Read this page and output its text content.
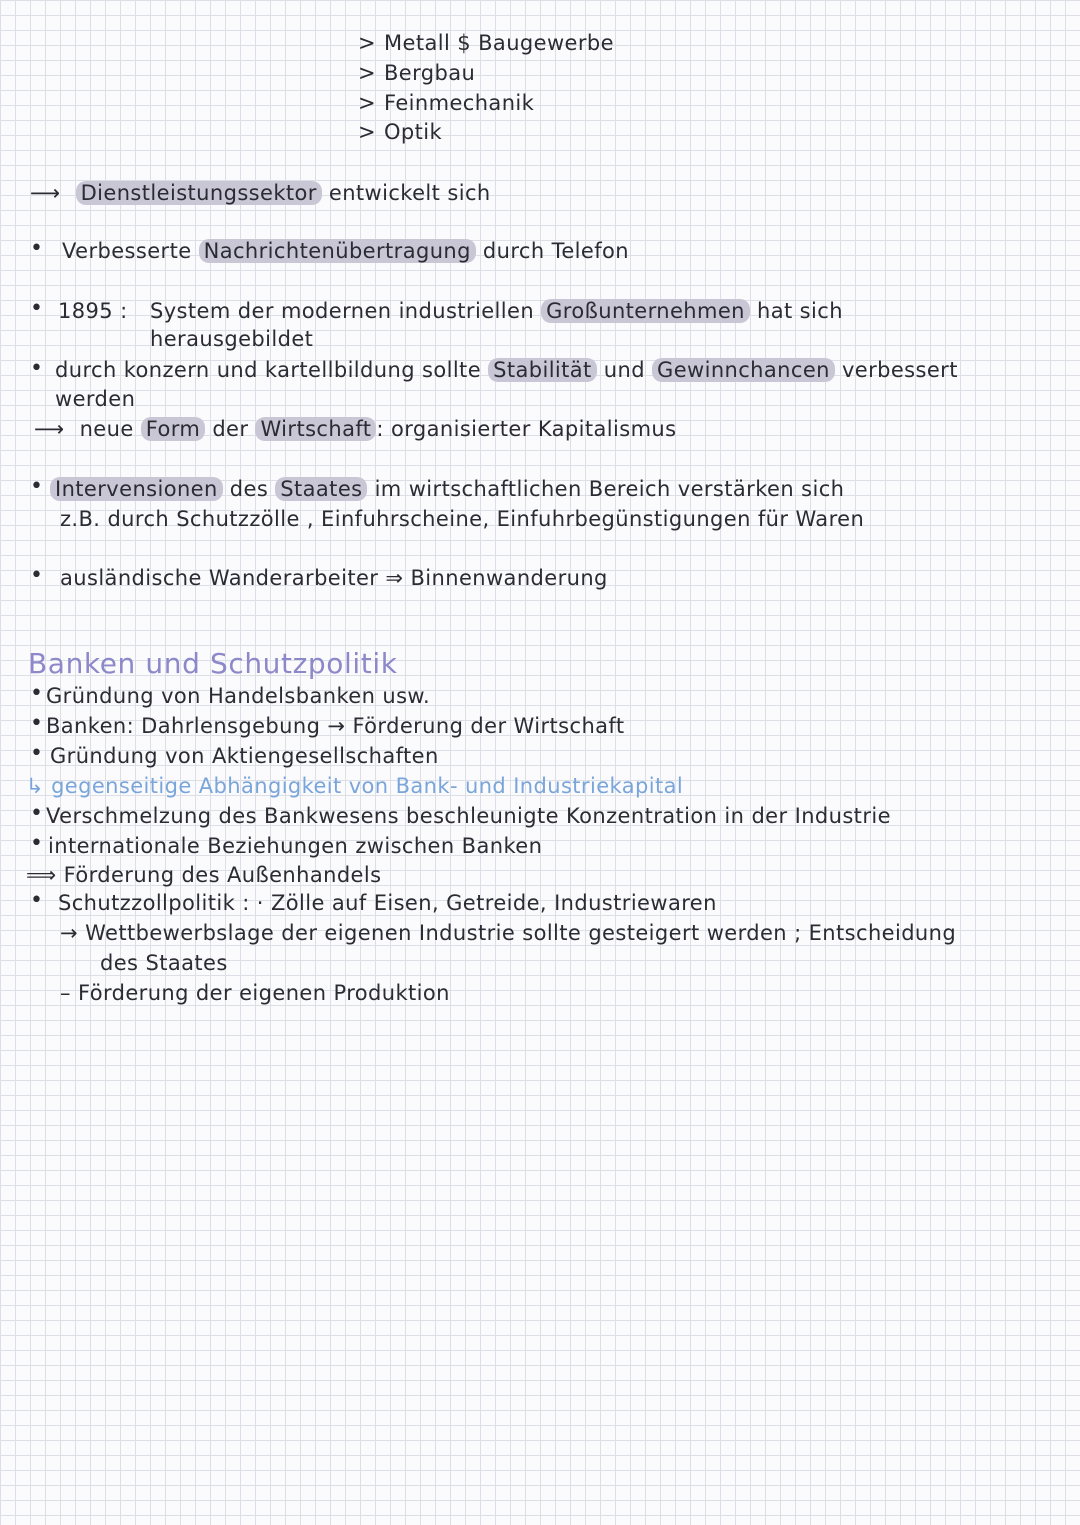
> Metall $ Baugewerbe
> Bergbau
> Feinmechanik
> Optik
⟶ Dienstleistungssektor entwickelt sich
• Verbesserte Nachrichtenübertragung durch Telefon
• 1895 : System der modernen industriellen Großunternehmen hat sich
herausgebildet
• durch konzern und kartellbildung sollte Stabilität und Gewinnchancen verbessert
werden
⟶ neue Form der Wirtschaft : organisierter Kapitalismus
• Intervensionen des Staates im wirtschaftlichen Bereich verstärken sich
z.B. durch Schutzzölle , Einfuhrscheine, Einfuhrbegünstigungen für Waren
• ausländische Wanderarbeiter ⇒ Binnenwanderung
Banken und Schutzpolitik
• Gründung von Handelsbanken usw.
• Banken: Dahrlensgebung → Förderung der Wirtschaft
• Gründung von Aktiengesellschaften
↳ gegenseitige Abhängigkeit von Bank- und Industriekapital
• Verschmelzung des Bankwesens beschleunigte Konzentration in der Industrie
• internationale Beziehungen zwischen Banken
⟹ Förderung des Außenhandels
• Schutzzollpolitik : · Zölle auf Eisen, Getreide, Industriewaren
→ Wettbewerbslage der eigenen Industrie sollte gesteigert werden ; Entscheidung
des Staates
– Förderung der eigenen Produktion
